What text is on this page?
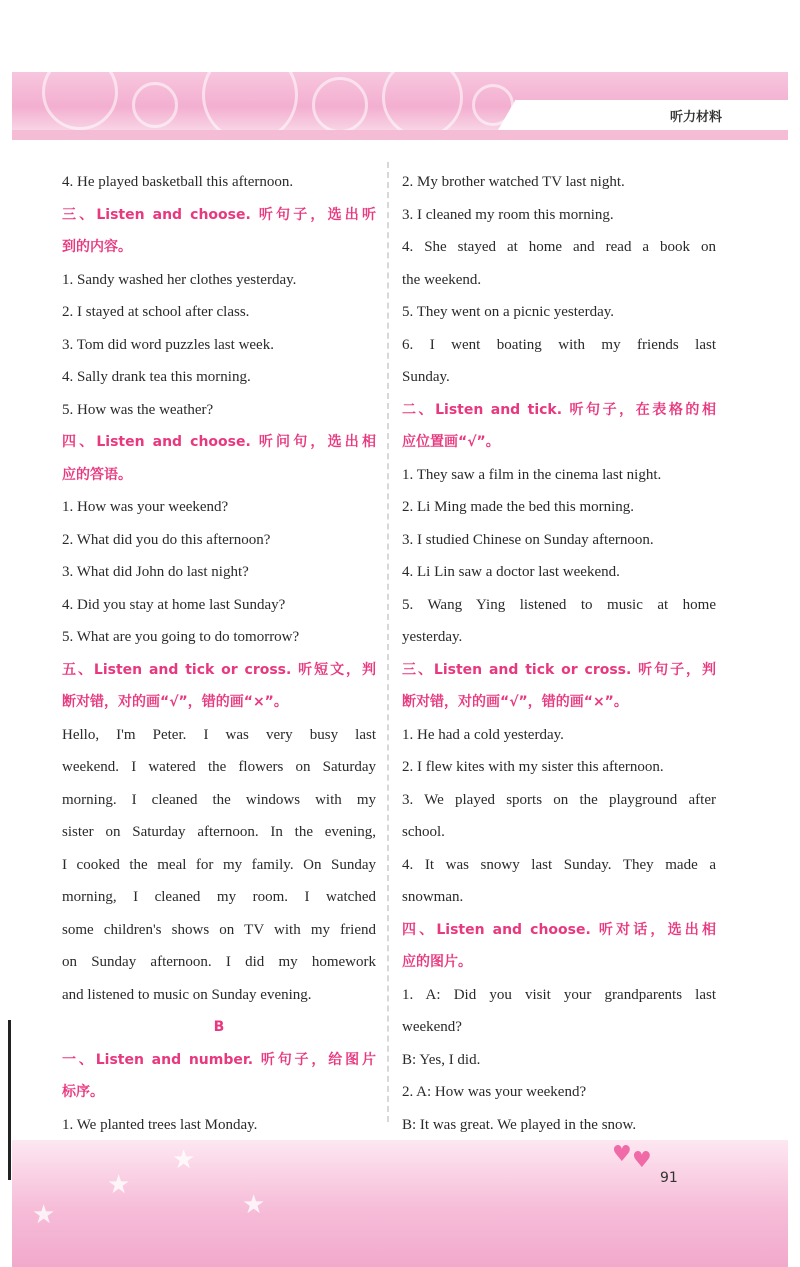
听力材料
4. He played basketball this afternoon.
三、Listen and choose. 听句子，选出听
到的内容。
1. Sandy washed her clothes yesterday.
2. I stayed at school after class.
3. Tom did word puzzles last week.
4. Sally drank tea this morning.
5. How was the weather?
四、Listen and choose. 听问句，选出相
应的答语。
1. How was your weekend?
2. What did you do this afternoon?
3. What did John do last night?
4. Did you stay at home last Sunday?
5. What are you going to do tomorrow?
五、Listen and tick or cross. 听短文，判
断对错，对的画“√”，错的画“×”。
Hello, I'm Peter. I was very busy last
weekend. I watered the flowers on Saturday
morning. I cleaned the windows with my
sister on Saturday afternoon. In the evening,
I cooked the meal for my family. On Sunday
morning, I cleaned my room. I watched
some children's shows on TV with my friend
on Sunday afternoon. I did my homework
and listened to music on Sunday evening.
B
一、Listen and number. 听句子，给图片
标序。
1. We planted trees last Monday.
2. My brother watched TV last night.
3. I cleaned my room this morning.
4. She stayed at home and read a book on
the weekend.
5. They went on a picnic yesterday.
6. I went boating with my friends last
Sunday.
二、Listen and tick. 听句子，在表格的相
应位置画“√”。
1. They saw a film in the cinema last night.
2. Li Ming made the bed this morning.
3. I studied Chinese on Sunday afternoon.
4. Li Lin saw a doctor last weekend.
5. Wang Ying listened to music at home
yesterday.
三、Listen and tick or cross. 听句子，判
断对错，对的画“√”，错的画“×”。
1. He had a cold yesterday.
2. I flew kites with my sister this afternoon.
3. We played sports on the playground after
school.
4. It was snowy last Sunday. They made a
snowman.
四、Listen and choose. 听对话，选出相
应的图片。
1. A: Did you visit your grandparents last
weekend?
B: Yes, I did.
2. A: How was your weekend?
B: It was great. We played in the snow.
★
★
★
★
♥ ♥
91
